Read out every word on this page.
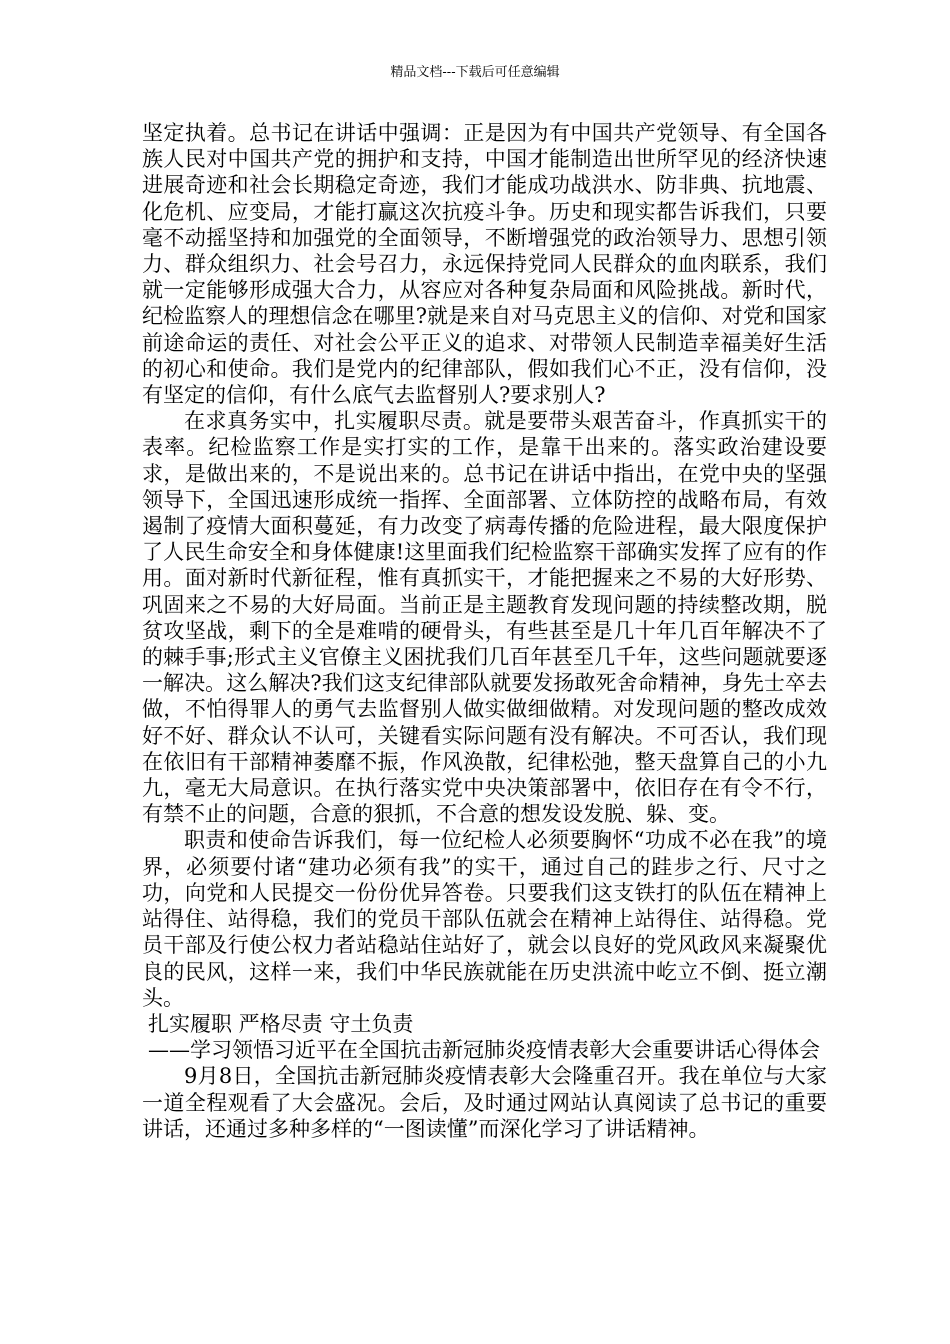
精品文档---下载后可任意编辑

坚定执着。总书记在讲话中强调：正是因为有中国共产党领导、有全国各族人民对中国共产党的拥护和支持，中国才能制造出世所罕见的经济快速进展奇迹和社会长期稳定奇迹，我们才能成功战洪水、防非典、抗地震、化危机、应变局，才能打赢这次抗疫斗争。历史和现实都告诉我们，只要毫不动摇坚持和加强党的全面领导，不断增强党的政治领导力、思想引领力、群众组织力、社会号召力，永远保持党同人民群众的血肉联系，我们就一定能够形成强大合力，从容应对各种复杂局面和风险挑战。新时代，纪检监察人的理想信念在哪里?就是来自对马克思主义的信仰、对党和国家前途命运的责任、对社会公平正义的追求、对带领人民制造幸福美好生活的初心和使命。我们是党内的纪律部队，假如我们心不正，没有信仰，没有坚定的信仰，有什么底气去监督别人?要求别人?

在求真务实中，扎实履职尽责。就是要带头艰苦奋斗，作真抓实干的表率。纪检监察工作是实打实的工作，是靠干出来的。落实政治建设要求，是做出来的，不是说出来的。总书记在讲话中指出，在党中央的坚强领导下，全国迅速形成统一指挥、全面部署、立体防控的战略布局，有效遏制了疫情大面积蔓延，有力改变了病毒传播的危险进程，最大限度保护了人民生命安全和身体健康!这里面我们纪检监察干部确实发挥了应有的作用。面对新时代新征程，惟有真抓实干，才能把握来之不易的大好形势、巩固来之不易的大好局面。当前正是主题教育发现问题的持续整改期，脱贫攻坚战，剩下的全是难啃的硬骨头，有些甚至是几十年几百年解决不了的棘手事;形式主义官僚主义困扰我们几百年甚至几千年，这些问题就要逐一解决。这么解决?我们这支纪律部队就要发扬敢死舍命精神，身先士卒去做，不怕得罪人的勇气去监督别人做实做细做精。对发现问题的整改成效好不好、群众认不认可，关键看实际问题有没有解决。不可否认，我们现在依旧有干部精神萎靡不振，作风涣散，纪律松弛，整天盘算自己的小九九，毫无大局意识。在执行落实党中央决策部署中，依旧存在有令不行，有禁不止的问题，合意的狠抓，不合意的想发设发脱、躲、变。

职责和使命告诉我们，每一位纪检人必须要胸怀“功成不必在我”的境界，必须要付诸“建功必须有我”的实干，通过自己的跬步之行、尺寸之功，向党和人民提交一份份优异答卷。只要我们这支铁打的队伍在精神上站得住、站得稳，我们的党员干部队伍就会在精神上站得住、站得稳。党员干部及行使公权力者站稳站住站好了，就会以良好的党风政风来凝聚优良的民风，这样一来，我们中华民族就能在历史洪流中屹立不倒、挺立潮头。

扎实履职 严格尽责 守土负责

——学习领悟习近平在全国抗击新冠肺炎疫情表彰大会重要讲话心得体会

9月8日，全国抗击新冠肺炎疫情表彰大会隆重召开。我在单位与大家一道全程观看了大会盛况。会后，及时通过网站认真阅读了总书记的重要讲话，还通过多种多样的“一图读懂”而深化学习了讲话精神。
